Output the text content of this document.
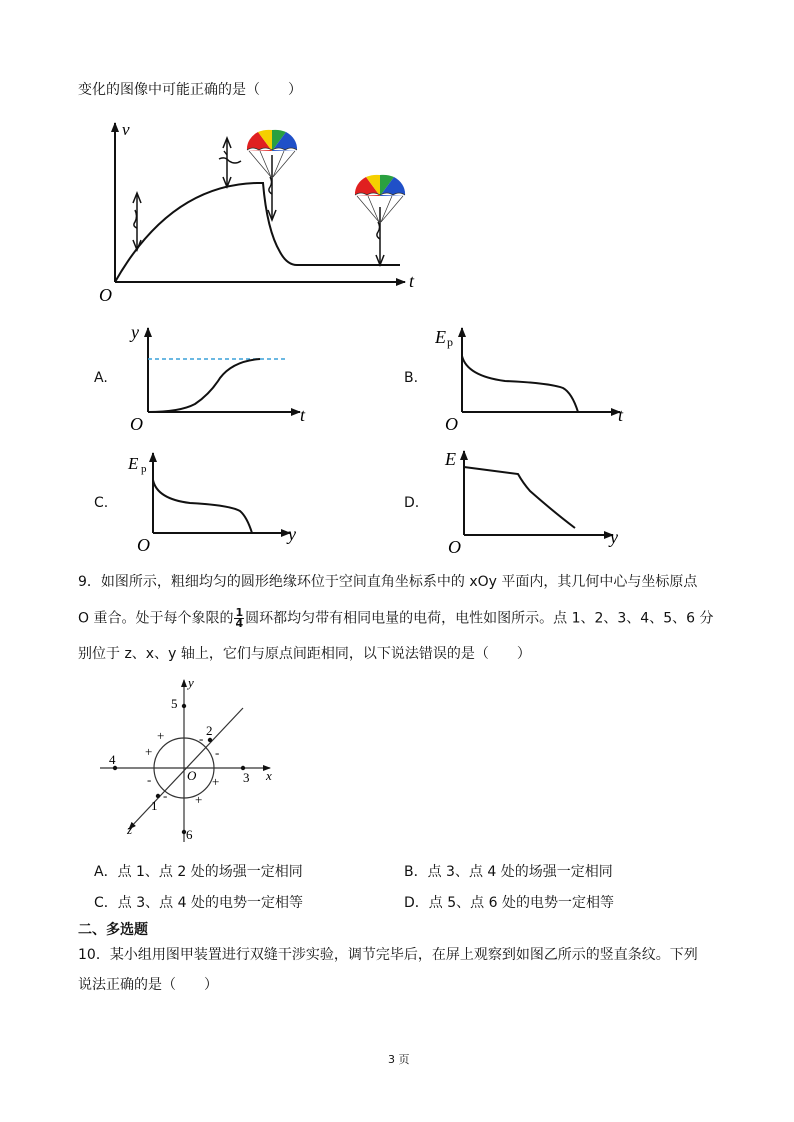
变化的图像中可能正确的是（　　）
v
t
O
A.
y
t
O
B.
E p
t
O
C.
E p
y
O
D.
E
y
O
9．如图所示，粗细均匀的圆形绝缘环位于空间直角坐标系中的 xOy 平面内，其几何中心与坐标原点
O 重合。处于每个象限的 $\frac{1}{4}$ 圆环都均匀带有相同电量的电荷，电性如图所示。点 1、2、3、4、5、6 分
别位于 z、x、y 轴上，它们与原点间距相同，以下说法错误的是（　　）
y
x
z
O
5
6
3
4
2
1
+
+
-
-
-
-
+
+
A．点 1、点 2 处的场强一定相同	B．点 3、点 4 处的场强一定相同
C．点 3、点 4 处的电势一定相等	D．点 5、点 6 处的电势一定相等
二、多选题
10．某小组用图甲装置进行双缝干涉实验，调节完毕后，在屏上观察到如图乙所示的竖直条纹。下列
说法正确的是（　　）
3 页
